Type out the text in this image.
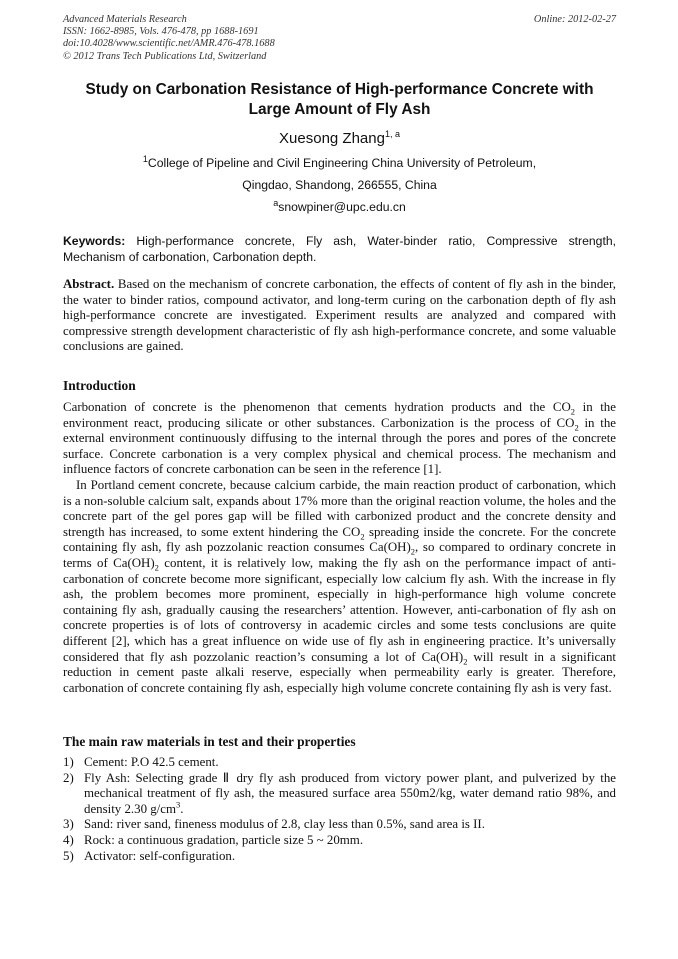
Advanced Materials Research
ISSN: 1662-8985, Vols. 476-478, pp 1688-1691
doi:10.4028/www.scientific.net/AMR.476-478.1688
© 2012 Trans Tech Publications Ltd, Switzerland
Online: 2012-02-27
Study on Carbonation Resistance of High-performance Concrete with Large Amount of Fly Ash
Xuesong Zhang$^{1, a}$
$^1$College of Pipeline and Civil Engineering China University of Petroleum,
Qingdao, Shandong, 266555, China
$^a$snowpiner@upc.edu.cn
Keywords: High-performance concrete, Fly ash, Water-binder ratio, Compressive strength, Mechanism of carbonation, Carbonation depth.

Abstract. Based on the mechanism of concrete carbonation, the effects of content of fly ash in the binder, the water to binder ratios, compound activator, and long-term curing on the carbonation depth of fly ash high-performance concrete are investigated. Experiment results are analyzed and compared with compressive strength development characteristic of fly ash high-performance concrete, and some valuable conclusions are gained.

Introduction

Carbonation of concrete is the phenomenon that cements hydration products and the $CO_2$ in the environment react, producing silicate or other substances. Carbonization is the process of $CO_2$ in the external environment continuously diffusing to the internal through the pores and pores of the concrete surface. Concrete carbonation is a very complex physical and chemical process. The mechanism and influence factors of concrete carbonation can be seen in the reference [1].

In Portland cement concrete, because calcium carbide, the main reaction product of carbonation, which is a non-soluble calcium salt, expands about 17% more than the original reaction volume, the holes and the concrete part of the gel pores gap will be filled with carbonized product and the concrete density and strength has increased, to some extent hindering the $CO_2$ spreading inside the concrete. For the concrete containing fly ash, fly ash pozzolanic reaction consumes $Ca(OH)_2$, so compared to ordinary concrete in terms of $Ca(OH)_2$ content, it is relatively low, making the fly ash on the performance impact of anti-carbonation of concrete become more significant, especially low calcium fly ash. With the increase in fly ash, the problem becomes more prominent, especially in high-performance high volume concrete containing fly ash, gradually causing the researchers’ attention. However, anti-carbonation of fly ash on concrete properties is of lots of controversy in academic circles and some tests conclusions are quite different [2], which has a great influence on wide use of fly ash in engineering practice. It’s universally considered that fly ash pozzolanic reaction’s consuming a lot of $Ca(OH)_2$ will result in a significant reduction in cement paste alkali reserve, especially when permeability early is greater. Therefore, carbonation of concrete containing fly ash, especially high volume concrete containing fly ash is very fast.

The main raw materials in test and their properties
1) Cement: P.O 42.5 cement.
2) Fly Ash: Selecting grade Ⅱ dry fly ash produced from victory power plant, and pulverized by the mechanical treatment of fly ash, the measured surface area 550m2/kg, water demand ratio 98%, and density 2.30 $g/cm^3$.
3) Sand: river sand, fineness modulus of 2.8, clay less than 0.5%, sand area is II.
4) Rock: a continuous gradation, particle size 5 ~ 20mm.
5) Activator: self-configuration.
